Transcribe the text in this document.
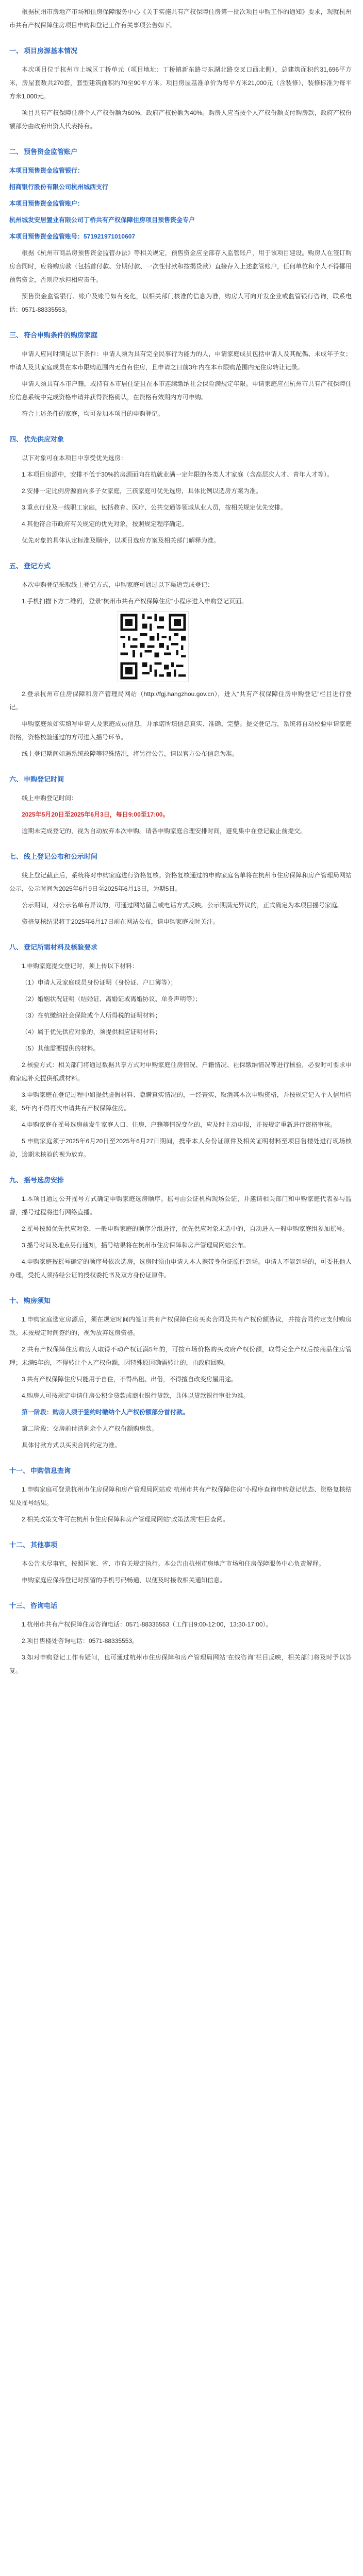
根据杭州市房地产市场和住房保障服务中心《关于实施共有产权保障住房第一批次项目申购工作的通知》要求，现就杭州市共有产权保障住房项目申购和登记工作有关事项公告如下。

一、 项目房源基本情况

本次项目位于杭州市上城区丁桥单元（项目地址：丁桥镇新东路与东湖北路交叉口西北侧），总建筑面积约31,696平方米，房屋套数共270套，套型建筑面积约70至90平方米。项目房屋基准单价为每平方米21,000元（含装修），装修标准为每平方米1,000元。

项目共有产权保障住房个人产权份额为60%，政府产权份额为40%。购房人应当按个人产权份额支付购房款，政府产权份额部分由政府出资人代表持有。

二、 预售资金监管账户

本项目预售资金监管银行：

招商银行股份有限公司杭州城西支行

本项目预售资金监管账户：

杭州城发安居置业有限公司丁桥共有产权保障住房项目预售资金专户

本项目预售资金监管账号：571921971010607

根据《杭州市商品房预售资金监管办法》等相关规定，预售资金应全部存入监管账户，用于该项目建设。购房人在签订购房合同时，应将购房款（包括首付款、分期付款、一次性付款和按揭贷款）直接存入上述监管账户，任何单位和个人不得挪用预售资金，否则应承担相应责任。

预售资金监管银行、账户及账号如有变化，以相关部门核准的信息为准，购房人可向开发企业或监管银行咨询，联系电话：0571-88335553。

三、 符合申购条件的购房家庭

申请人应同时满足以下条件：申请人须为具有完全民事行为能力的人，申请家庭成员包括申请人及其配偶、未成年子女；申请人及其家庭成员在本市限购范围内无自有住房，且申请之日前3年内在本市限购范围内无住房转让记录。

申请人须具有本市户籍，或持有本市居住证且在本市连续缴纳社会保险满规定年限。申请家庭应在杭州市共有产权保障住房信息系统中完成资格申请并获得资格确认，在资格有效期内方可申购。

符合上述条件的家庭，均可参加本项目的申购登记。

四、 优先供应对象

以下对象可在本项目中享受优先选房：

1.本项目房源中，安排不低于30%的房源面向在杭就业满一定年限的各类人才家庭（含高层次人才、青年人才等）。

2.安排一定比例房源面向多子女家庭，三孩家庭可优先选房，具体比例以选房方案为准。

3.重点行业及一线职工家庭，包括教育、医疗、公共交通等领域从业人员，按相关规定优先安排。

4.其他符合市政府有关规定的优先对象，按照规定程序确定。

优先对象的具体认定标准及顺序，以项目选房方案及相关部门解释为准。

五、 登记方式

本次申购登记采取线上登记方式，申购家庭可通过以下渠道完成登记：

1.手机扫描下方二维码，登录“杭州市共有产权保障住房”小程序进入申购登记页面。

2.登录杭州市住房保障和房产管理局网站（http://fgj.hangzhou.gov.cn），进入“共有产权保障住房申购登记”栏目进行登记。

申购家庭须如实填写申请人及家庭成员信息，并承诺所填信息真实、准确、完整。提交登记后，系统将自动校验申请家庭资格，资格校验通过的方可进入摇号环节。

线上登记期间如遇系统故障等特殊情况，将另行公告，请以官方公布信息为准。

六、 申购登记时间

线上申购登记时间：

2025年5月20日至2025年6月3日，每日9:00至17:00。

逾期未完成登记的，视为自动放弃本次申购。请各申购家庭合理安排时间，避免集中在登记截止前提交。

七、 线上登记公布和公示时间

线上登记截止后，系统将对申购家庭进行资格复核。资格复核通过的申购家庭名单将在杭州市住房保障和房产管理局网站公示，公示时间为2025年6月9日至2025年6月13日，为期5日。

公示期间，对公示名单有异议的，可通过网站留言或电话方式反映。公示期满无异议的，正式确定为本项目摇号家庭。

资格复核结果将于2025年6月17日前在网站公布，请申购家庭及时关注。

八、 登记所需材料及核验要求

1.申购家庭提交登记时，须上传以下材料：

（1）申请人及家庭成员身份证明（身份证、户口簿等）；

（2）婚姻状况证明（结婚证、离婚证或离婚协议、单身声明等）；

（3）在杭缴纳社会保险或个人所得税的证明材料；

（4）属于优先供应对象的，须提供相应证明材料；

（5）其他需要提供的材料。

2.核验方式：相关部门将通过数据共享方式对申购家庭住房情况、户籍情况、社保缴纳情况等进行核验，必要时可要求申购家庭补充提供纸质材料。

3.申购家庭在登记过程中如提供虚假材料、隐瞒真实情况的，一经查实，取消其本次申购资格，并按规定记入个人信用档案，5年内不得再次申请共有产权保障住房。

4.申购家庭在摇号选房前发生家庭人口、住房、户籍等情况变化的，应及时主动申报，并按规定重新进行资格审核。

5.申购家庭须于2025年6月20日至2025年6月27日期间，携带本人身份证原件及相关证明材料至项目售楼处进行现场核验，逾期未核验的视为放弃。

九、 摇号选房安排

1.本项目通过公开摇号方式确定申购家庭选房顺序。摇号由公证机构现场公证，并邀请相关部门和申购家庭代表参与监督，摇号过程将进行网络直播。

2.摇号按照优先供应对象、一般申购家庭的顺序分组进行，优先供应对象未选中的，自动进入一般申购家庭组参加摇号。

3.摇号时间及地点另行通知，摇号结果将在杭州市住房保障和房产管理局网站公布。

4.申购家庭按摇号确定的顺序号依次选房，选房时须由申请人本人携带身份证原件到场。申请人不能到场的，可委托他人办理，受托人须持经公证的授权委托书及双方身份证原件。

十、 购房须知

1.申购家庭选定房源后，须在规定时间内签订共有产权保障住房买卖合同及共有产权份额协议，并按合同约定支付购房款。未按规定时间签约的，视为放弃选房资格。

2.共有产权保障住房购房人取得不动产权证满5年的，可按市场价格购买政府产权份额，取得完全产权后按商品住房管理；未满5年的，不得转让个人产权份额，因特殊原因确需转让的，由政府回购。

3.共有产权保障住房只能用于自住，不得出租、出借，不得擅自改变房屋用途。

4.购房人可按规定申请住房公积金贷款或商业银行贷款，具体以贷款银行审批为准。

第一阶段：购房人须于签约时缴纳个人产权份额部分首付款。

第二阶段：交房前付清剩余个人产权份额购房款。

具体付款方式以买卖合同约定为准。

十一、 申购信息查询

1.申购家庭可登录杭州市住房保障和房产管理局网站或“杭州市共有产权保障住房”小程序查询申购登记状态、资格复核结果及摇号结果。

2.相关政策文件可在杭州市住房保障和房产管理局网站“政策法规”栏目查阅。

十二、 其他事项

本公告未尽事宜，按照国家、省、市有关规定执行。本公告由杭州市房地产市场和住房保障服务中心负责解释。

申购家庭应保持登记时预留的手机号码畅通，以便及时接收相关通知信息。

十三、 咨询电话

1.杭州市共有产权保障住房咨询电话：0571-88335553（工作日9:00-12:00，13:30-17:00）。

2.项目售楼处咨询电话：0571-88335553。

3.如对申购登记工作有疑问，也可通过杭州市住房保障和房产管理局网站“在线咨询”栏目反映，相关部门将及时予以答复。
